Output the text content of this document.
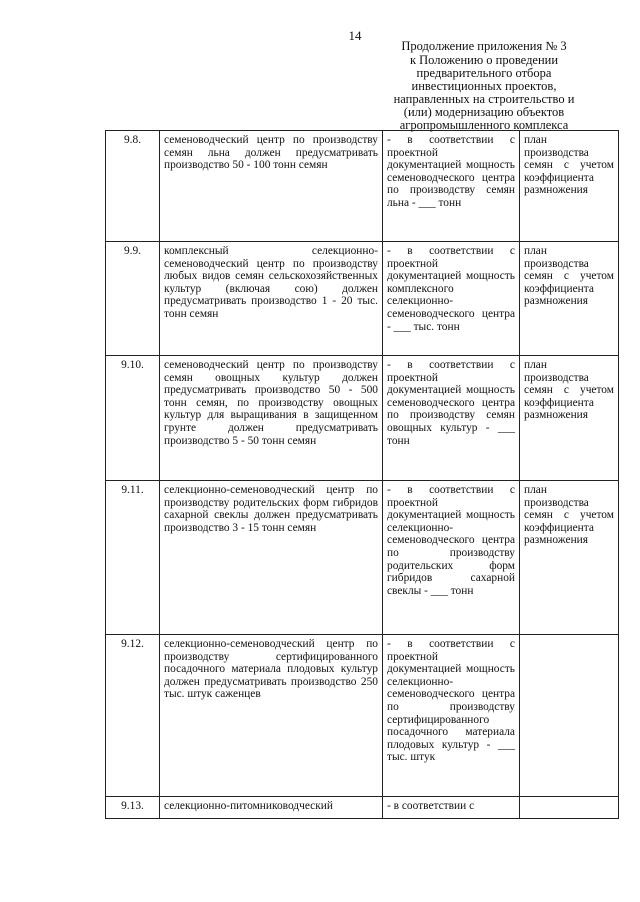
14
Продолжение приложения № 3
к Положению о проведении
предварительного отбора
инвестиционных проектов,
направленных на строительство и
(или) модернизацию объектов
агропромышленного комплекса
9.8.	семеноводческий центр по производству семян льна должен предусматривать производство 50 - 100 тонн семян	- в соответствии с проектной документацией мощность семеноводческого центра по производству семян льна - ___ тонн	план производства семян с учетом коэффициента размножения
9.9.	комплексный селекционно-семеноводческий центр по производству любых видов семян сельскохозяйственных культур (включая сою) должен предусматривать производство 1 - 20 тыс. тонн семян	- в соответствии с проектной документацией мощность комплексного селекционно-семеноводческого центра - ___ тыс. тонн	план производства семян с учетом коэффициента размножения
9.10.	семеноводческий центр по производству семян овощных культур должен предусматривать производство 50 - 500 тонн семян, по производству овощных культур для выращивания в защищенном грунте должен предусматривать производство 5 - 50 тонн семян	- в соответствии с проектной документацией мощность семеноводческого центра по производству семян овощных культур - ___ тонн	план производства семян с учетом коэффициента размножения
9.11.	селекционно-семеноводческий центр по производству родительских форм гибридов сахарной свеклы должен предусматривать производство 3 - 15 тонн семян	- в соответствии с проектной документацией мощность селекционно-семеноводческого центра по производству родительских форм гибридов сахарной свеклы - ___ тонн	план производства семян с учетом коэффициента размножения
9.12.	селекционно-семеноводческий центр по производству сертифицированного посадочного материала плодовых культур должен предусматривать производство 250 тыс. штук саженцев	- в соответствии с проектной документацией мощность селекционно-семеноводческого центра по производству сертифицированного посадочного материала плодовых культур - ___ тыс. штук	
9.13.	селекционно-питомниководческий	- в соответствии с	
